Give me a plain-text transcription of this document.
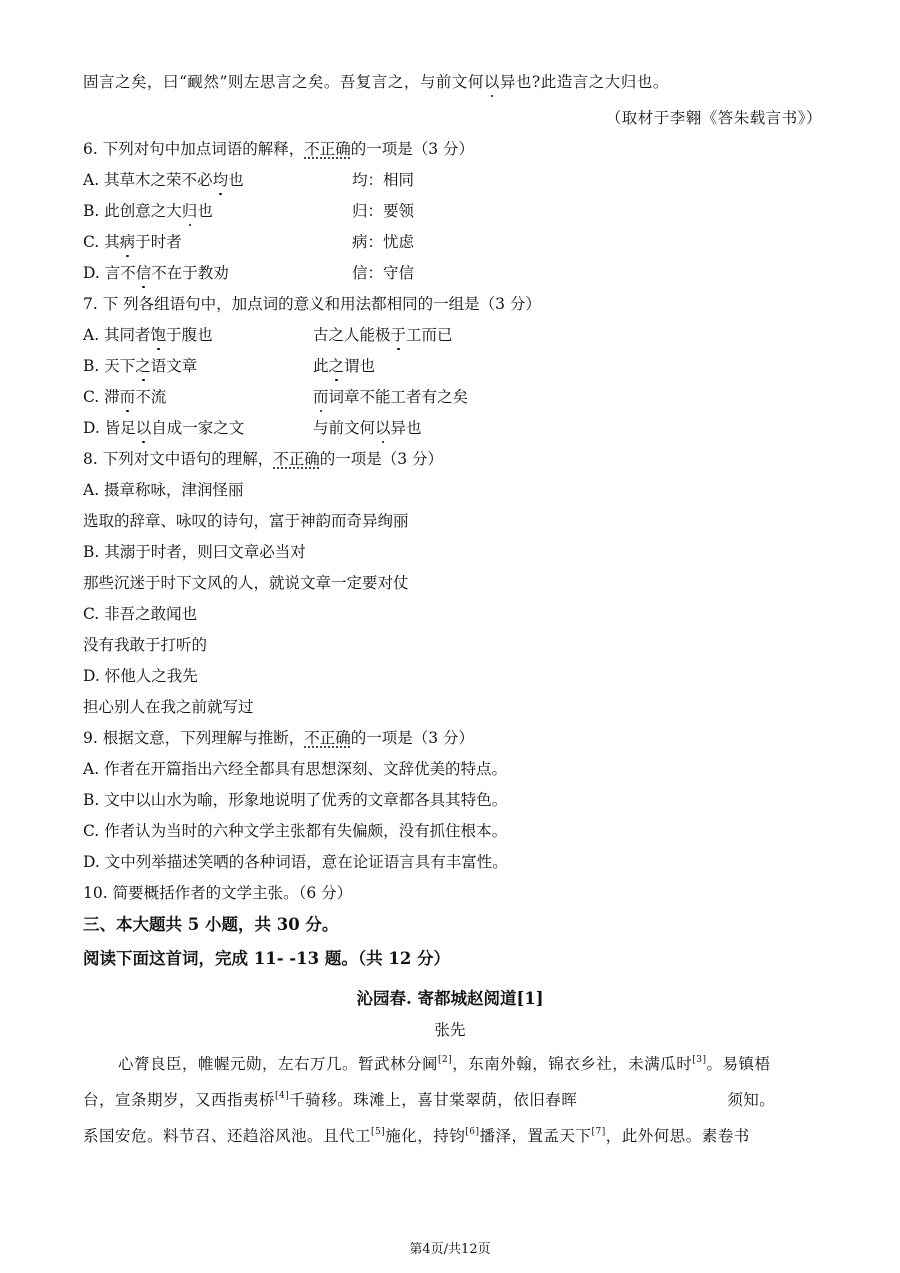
固言之矣，曰“䩄然”则左思言之矣。吾复言之，与前文何以异也?此造言之大归也。
（取材于李翱《答朱载言书》）
6. 下列对句中加点词语的解释，不正确的一项是（3 分）
A. 其草木之荣不必均也	均：相同
B. 此创意之大归也	归：要领
C. 其病于时者	病：忧虑
D. 言不信不在于教劝	信：守信
7. 下 列各组语句中，加点词的意义和用法都相同的一组是（3 分）
A. 其同者饱于腹也	古之人能极于工而已
B. 天下之语文章	此之谓也
C. 滞而不流	而词章不能工者有之矣
D. 皆足以自成一家之文	与前文何以异也
8. 下列对文中语句的理解，不正确的一项是（3 分）
A. 摄章称咏，津润怪丽
选取的辞章、咏叹的诗句，富于神韵而奇异绚丽
B. 其溺于时者，则曰文章必当对
那些沉迷于时下文风的人，就说文章一定要对仗
C. 非吾之敢闻也
没有我敢于打听的
D. 怀他人之我先
担心别人在我之前就写过
9. 根据文意，下列理解与推断，不正确的一项是（3 分）
A. 作者在开篇指出六经全都具有思想深刻、文辞优美的特点。
B. 文中以山水为喻，形象地说明了优秀的文章都各具其特色。
C. 作者认为当时的六种文学主张都有失偏颇，没有抓住根本。
D. 文中列举描述笑哂的各种词语，意在论证语言具有丰富性。
10. 简要概括作者的文学主张。（6 分）
三、本大题共 5 小题，共 30 分。
阅读下面这首词，完成 11- -13 题。（共 12 分）
沁园春. 寄都城赵阅道[1]
张先
心膂良臣，帷幄元勋，左右万几。暂武林分阃[2]，东南外翰，锦衣乡社，未满瓜时[3]。易镇梧
台，宣条期岁，又西指夷桥[4]千骑移。珠滩上，喜甘棠翠荫，依旧春晖	须知。
系国安危。料节召、还趋浴风池。且代工[5]施化，持钧[6]播泽，置孟天下[7]，此外何思。素卷书
第4页/共12页
